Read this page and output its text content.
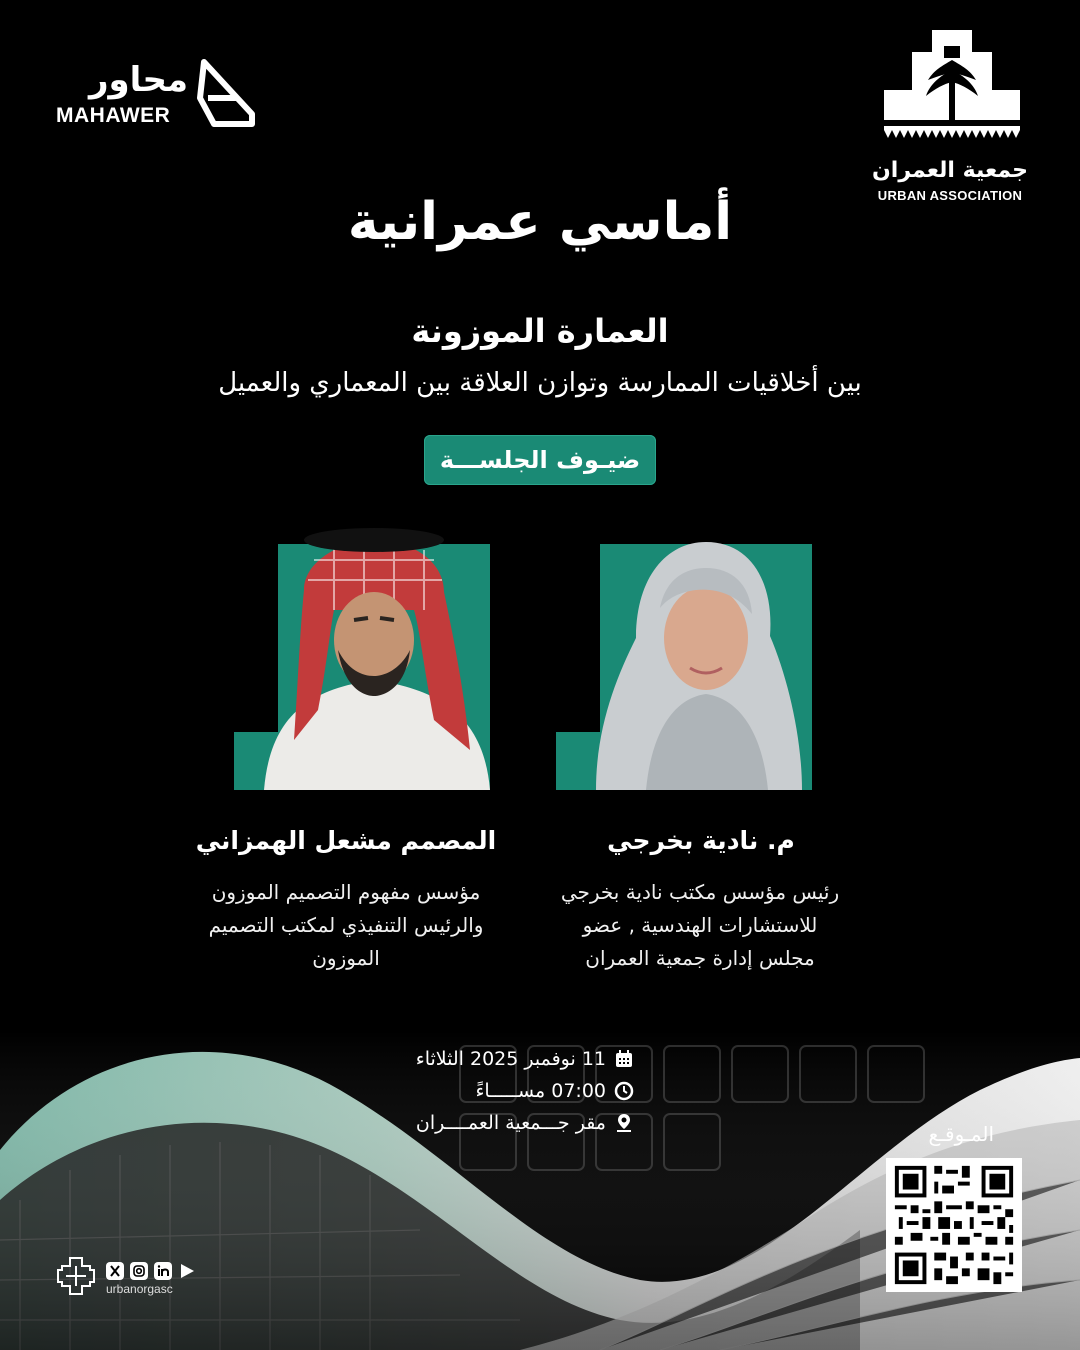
محاور
MAHAWER
جمعية العمران
URBAN ASSOCIATION
أماسي عمرانية
العمارة الموزونة
بين أخلاقيات الممارسة وتوازن العلاقة بين المعماري والعميل
ضيـوف الجلســـة
م. نادية بخرجي
رئيس مؤسس مكتب نادية بخرجي
للاستشارات الهندسية , عضو
مجلس إدارة جمعية العمران
المصمم مشعل الهمزاني
مؤسس مفهوم التصميم الموزون
والرئيس التنفيذي لمكتب التصميم
الموزون
11 نوفمبر 2025 الثلاثاء
07:00 مســـــاءً
مقر جـــمعية العمــــران	المـوقـع
urbanorgasc
